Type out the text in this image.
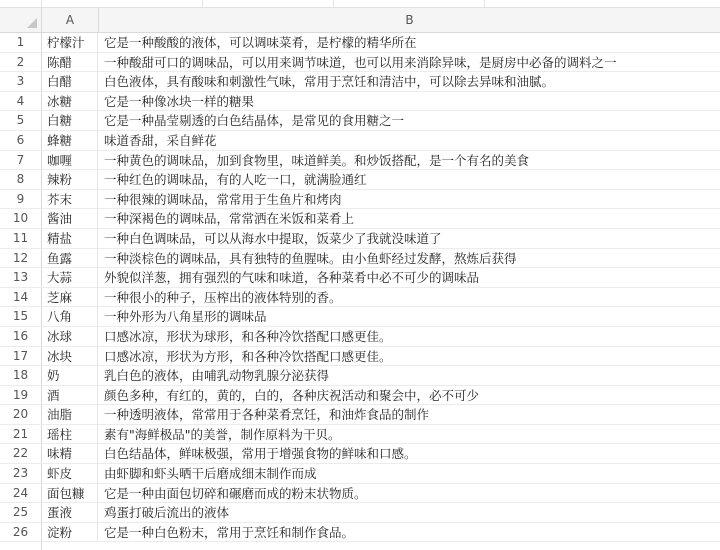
A	B
1	柠檬汁	它是一种酸酸的液体，可以调味菜肴，是柠檬的精华所在
2	陈醋	一种酸甜可口的调味品，可以用来调节味道，也可以用来消除异味，是厨房中必备的调料之一
3	白醋	白色液体，具有酸味和刺激性气味，常用于烹饪和清洁中，可以除去异味和油腻。
4	冰糖	它是一种像冰块一样的糖果
5	白糖	它是一种晶莹剔透的白色结晶体，是常见的食用糖之一
6	蜂糖	味道香甜，采自鲜花
7	咖喱	一种黄色的调味品，加到食物里，味道鲜美。和炒饭搭配，是一个有名的美食
8	辣粉	一种红色的调味品，有的人吃一口，就满脸通红
9	芥末	一种很辣的调味品，常常用于生鱼片和烤肉
10	酱油	一种深褐色的调味品，常常洒在米饭和菜肴上
11	精盐	一种白色调味品，可以从海水中提取，饭菜少了我就没味道了
12	鱼露	一种淡棕色的调味品，具有独特的鱼腥味。由小鱼虾经过发酵，熬炼后获得
13	大蒜	外貌似洋葱，拥有强烈的气味和味道，各种菜肴中必不可少的调味品
14	芝麻	一种很小的种子，压榨出的液体特别的香。
15	八角	一种外形为八角星形的调味品
16	冰球	口感冰凉，形状为球形，和各种冷饮搭配口感更佳。
17	冰块	口感冰凉，形状为方形，和各种冷饮搭配口感更佳。
18	奶	乳白色的液体，由哺乳动物乳腺分泌获得
19	酒	颜色多种，有红的，黄的，白的，各种庆祝活动和聚会中，必不可少
20	油脂	一种透明液体，常常用于各种菜肴烹饪，和油炸食品的制作
21	瑶柱	素有"海鲜极品"的美誉，制作原料为干贝。
22	味精	白色结晶体，鲜味极强，常用于增强食物的鲜味和口感。
23	虾皮	由虾脚和虾头晒干后磨成细末制作而成
24	面包糠	它是一种由面包切碎和碾磨而成的粉末状物质。
25	蛋液	鸡蛋打破后流出的液体
26	淀粉	它是一种白色粉末，常用于烹饪和制作食品。
